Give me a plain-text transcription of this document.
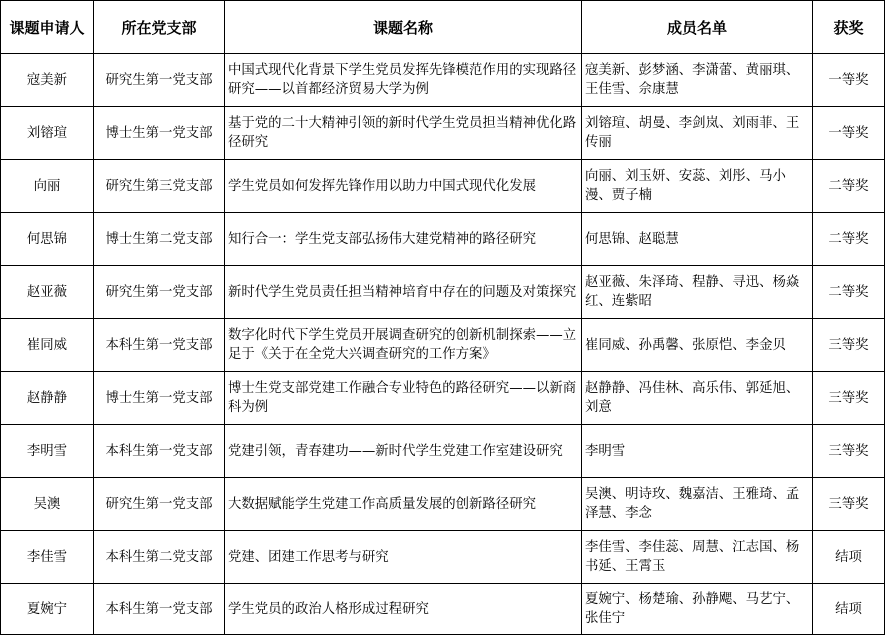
课题申请人	所在党支部	课题名称	成员名单	获奖
寇美新	研究生第一党支部	中国式现代化背景下学生党员发挥先锋模范作用的实现路径研究——以首都经济贸易大学为例	寇美新、彭梦涵、李潇蕾、黄丽琪、王佳雪、佘康慧	一等奖
刘镕瑄	博士生第一党支部	基于党的二十大精神引领的新时代学生党员担当精神优化路径研究	刘镕瑄、胡曼、李剑岚、刘雨菲、王传丽	一等奖
向丽	研究生第三党支部	学生党员如何发挥先锋作用以助力中国式现代化发展	向丽、刘玉妍、安蕊、刘彤、马小漫、贾子楠	二等奖
何思锦	博士生第二党支部	知行合一：学生党支部弘扬伟大建党精神的路径研究	何思锦、赵聪慧	二等奖
赵亚薇	研究生第一党支部	新时代学生党员责任担当精神培育中存在的问题及对策探究	赵亚薇、朱泽琦、程静、寻迅、杨焱红、连紫昭	二等奖
崔同威	本科生第一党支部	数字化时代下学生党员开展调查研究的创新机制探索——立足于《关于在全党大兴调查研究的工作方案》	崔同威、孙禹馨、张原恺、李金贝	三等奖
赵静静	博士生第一党支部	博士生党支部党建工作融合专业特色的路径研究——以新商科为例	赵静静、冯佳林、高乐伟、郭延旭、刘意	三等奖
李明雪	本科生第一党支部	党建引领，青春建功——新时代学生党建工作室建设研究	李明雪	三等奖
吴澳	研究生第一党支部	大数据赋能学生党建工作高质量发展的创新路径研究	吴澳、明诗玫、魏嘉洁、王雅琦、孟泽慧、李念	三等奖
李佳雪	本科生第二党支部	党建、团建工作思考与研究	李佳雪、李佳蕊、周慧、江志国、杨书延、王霄玉	结项
夏婉宁	本科生第一党支部	学生党员的政治人格形成过程研究	夏婉宁、杨楚瑜、孙静飔、马艺宁、张佳宁	结项
